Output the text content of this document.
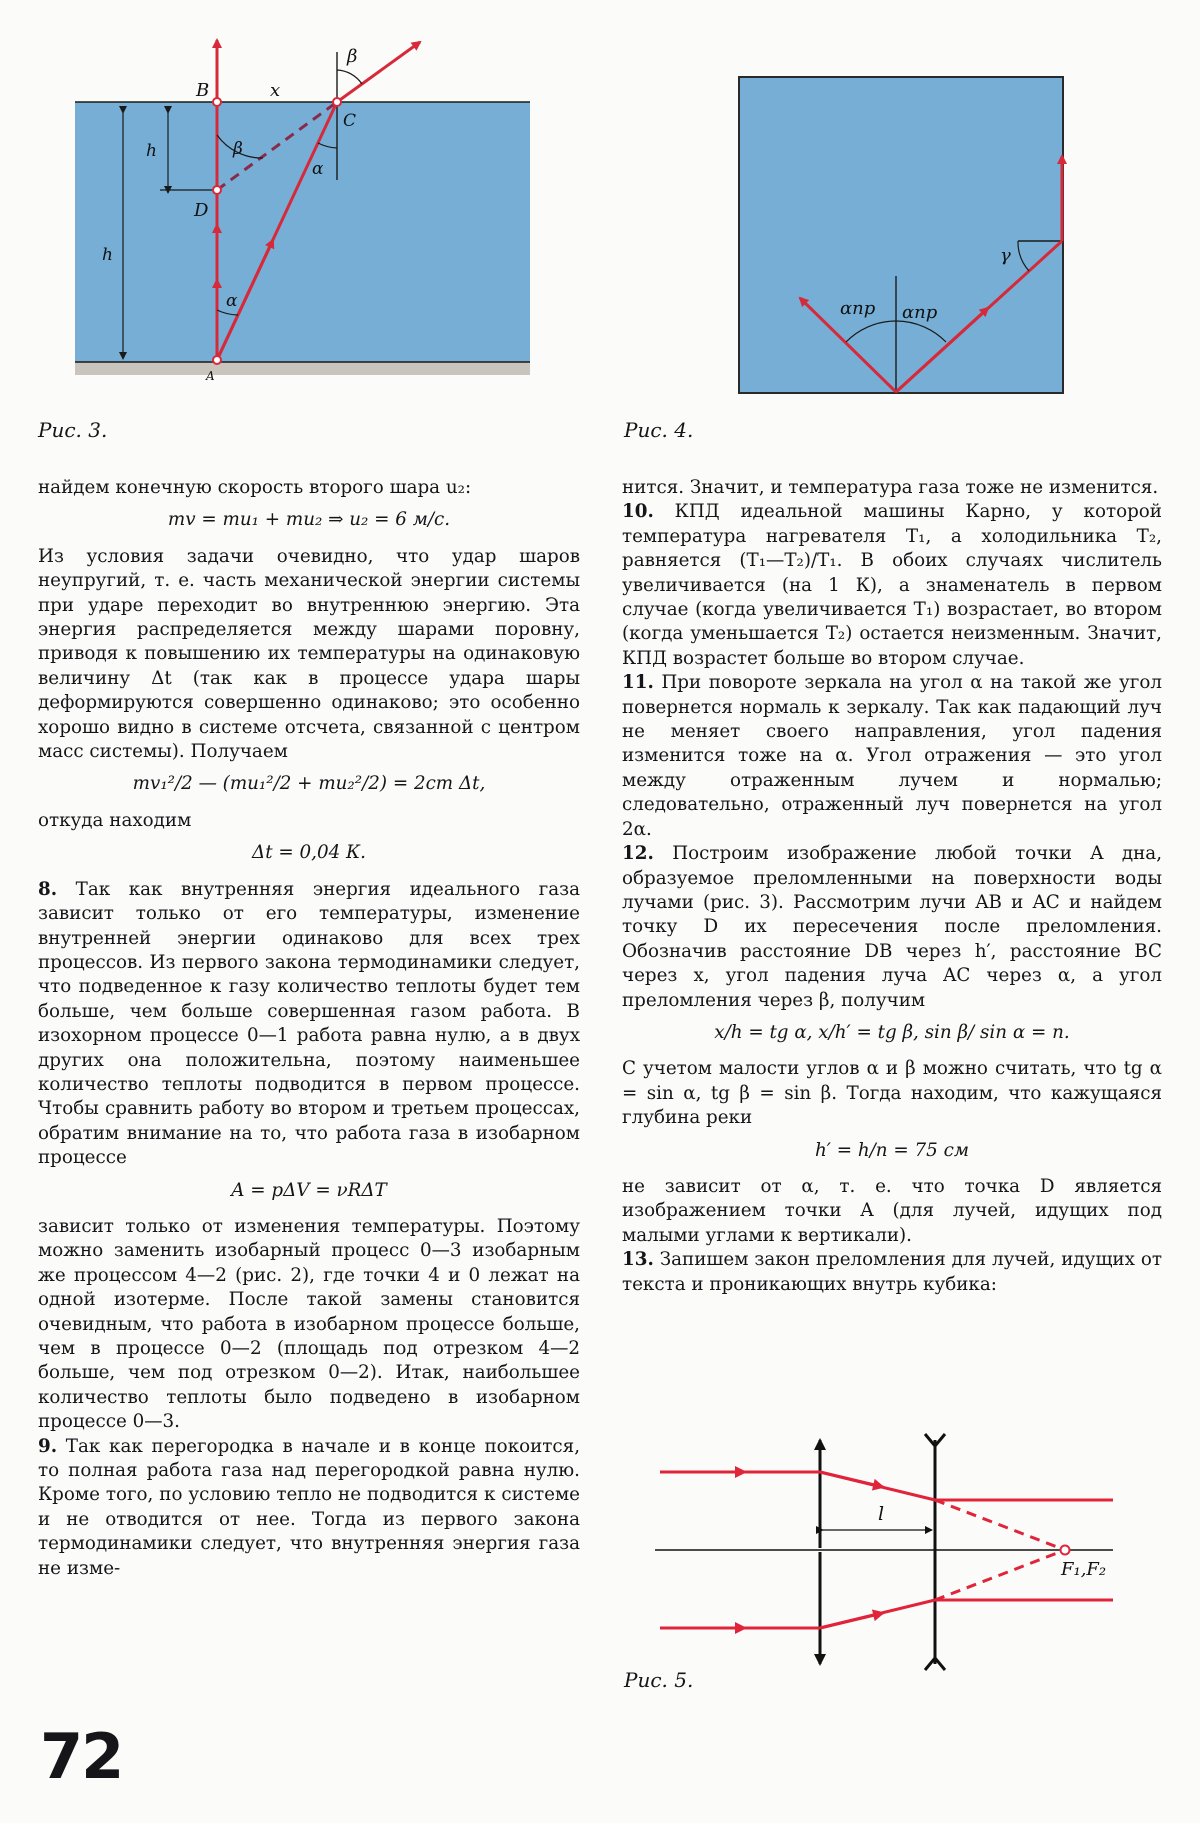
B	x
C
β
β
α
α
h
h
D
A
Рис. 3.
γ
αпр αпр
Рис. 4.

найдем конечную скорость второго шара u₂:

mv = mu₁ + mu₂ ⇒ u₂ = 6 м/с.

Из условия задачи очевидно, что удар шаров неупругий, т. е. часть механической энергии системы при ударе переходит во внутреннюю энергию. Эта энергия распределяется между шарами поровну, приводя к повышению их температуры на одинаковую величину Δt (так как в процессе удара шары деформируются совершенно одинаково; это особенно хорошо видно в системе отсчета, связанной с центром масс системы). Получаем

mv₁²/2 — (mu₁²/2 + mu₂²/2) = 2cm Δt,

откуда находим

Δt = 0,04 К.

8. Так как внутренняя энергия идеального газа зависит только от его температуры, изменение внутренней энергии одинаково для всех трех процессов. Из первого закона термодинамики следует, что подведенное к газу количество теплоты будет тем больше, чем больше совершенная газом работа. В изохорном процессе 0—1 работа равна нулю, а в двух других она положительна, поэтому наименьшее количество теплоты подводится в первом процессе. Чтобы сравнить работу во втором и третьем процессах, обратим внимание на то, что работа газа в изобарном процессе

A = pΔV = νRΔT

зависит только от изменения температуры. Поэтому можно заменить изобарный процесс 0—3 изобарным же процессом 4—2 (рис. 2), где точки 4 и 0 лежат на одной изотерме. После такой замены становится очевидным, что работа в изобарном процессе больше, чем в процессе 0—2 (площадь под отрезком 4—2 больше, чем под отрезком 0—2). Итак, наибольшее количество теплоты было подведено в изобарном процессе 0—3.

9. Так как перегородка в начале и в конце покоится, то полная работа газа над перегородкой равна нулю. Кроме того, по условию тепло не подводится к системе и не отводится от нее. Тогда из первого закона термодинамики следует, что внутренняя энергия газа не изме-

нится. Значит, и температура газа тоже не изменится.

10. КПД идеальной машины Карно, у которой температура нагревателя T₁, а холодильника T₂, равняется (T₁—T₂)/T₁. В обоих случаях числитель увеличивается (на 1 К), а знаменатель в первом случае (когда увеличивается T₁) возрастает, во втором (когда уменьшается T₂) остается неизменным. Значит, КПД возрастет больше во втором случае.

11. При повороте зеркала на угол α на такой же угол повернется нормаль к зеркалу. Так как падающий луч не меняет своего направления, угол падения изменится тоже на α. Угол отражения — это угол между отраженным лучем и нормалью; следовательно, отраженный луч повернется на угол 2α.

12. Построим изображение любой точки A дна, образуемое преломленными на поверхности воды лучами (рис. 3). Рассмотрим лучи AB и AC и найдем точку D их пересечения после преломления. Обозначив расстояние DB через h′, расстояние BC через x, угол падения луча AC через α, а угол преломления через β, получим

x/h = tg α, x/h′ = tg β, sin β/ sin α = n.

С учетом малости углов α и β можно считать, что tg α = sin α, tg β = sin β. Тогда находим, что кажущаяся глубина реки

h′ = h/n = 75 см

не зависит от α, т. е. что точка D является изображением точки A (для лучей, идущих под малыми углами к вертикали).

13. Запишем закон преломления для лучей, идущих от текста и проникающих внутрь кубика:

l
F₁,F₂
Рис. 5.
72
